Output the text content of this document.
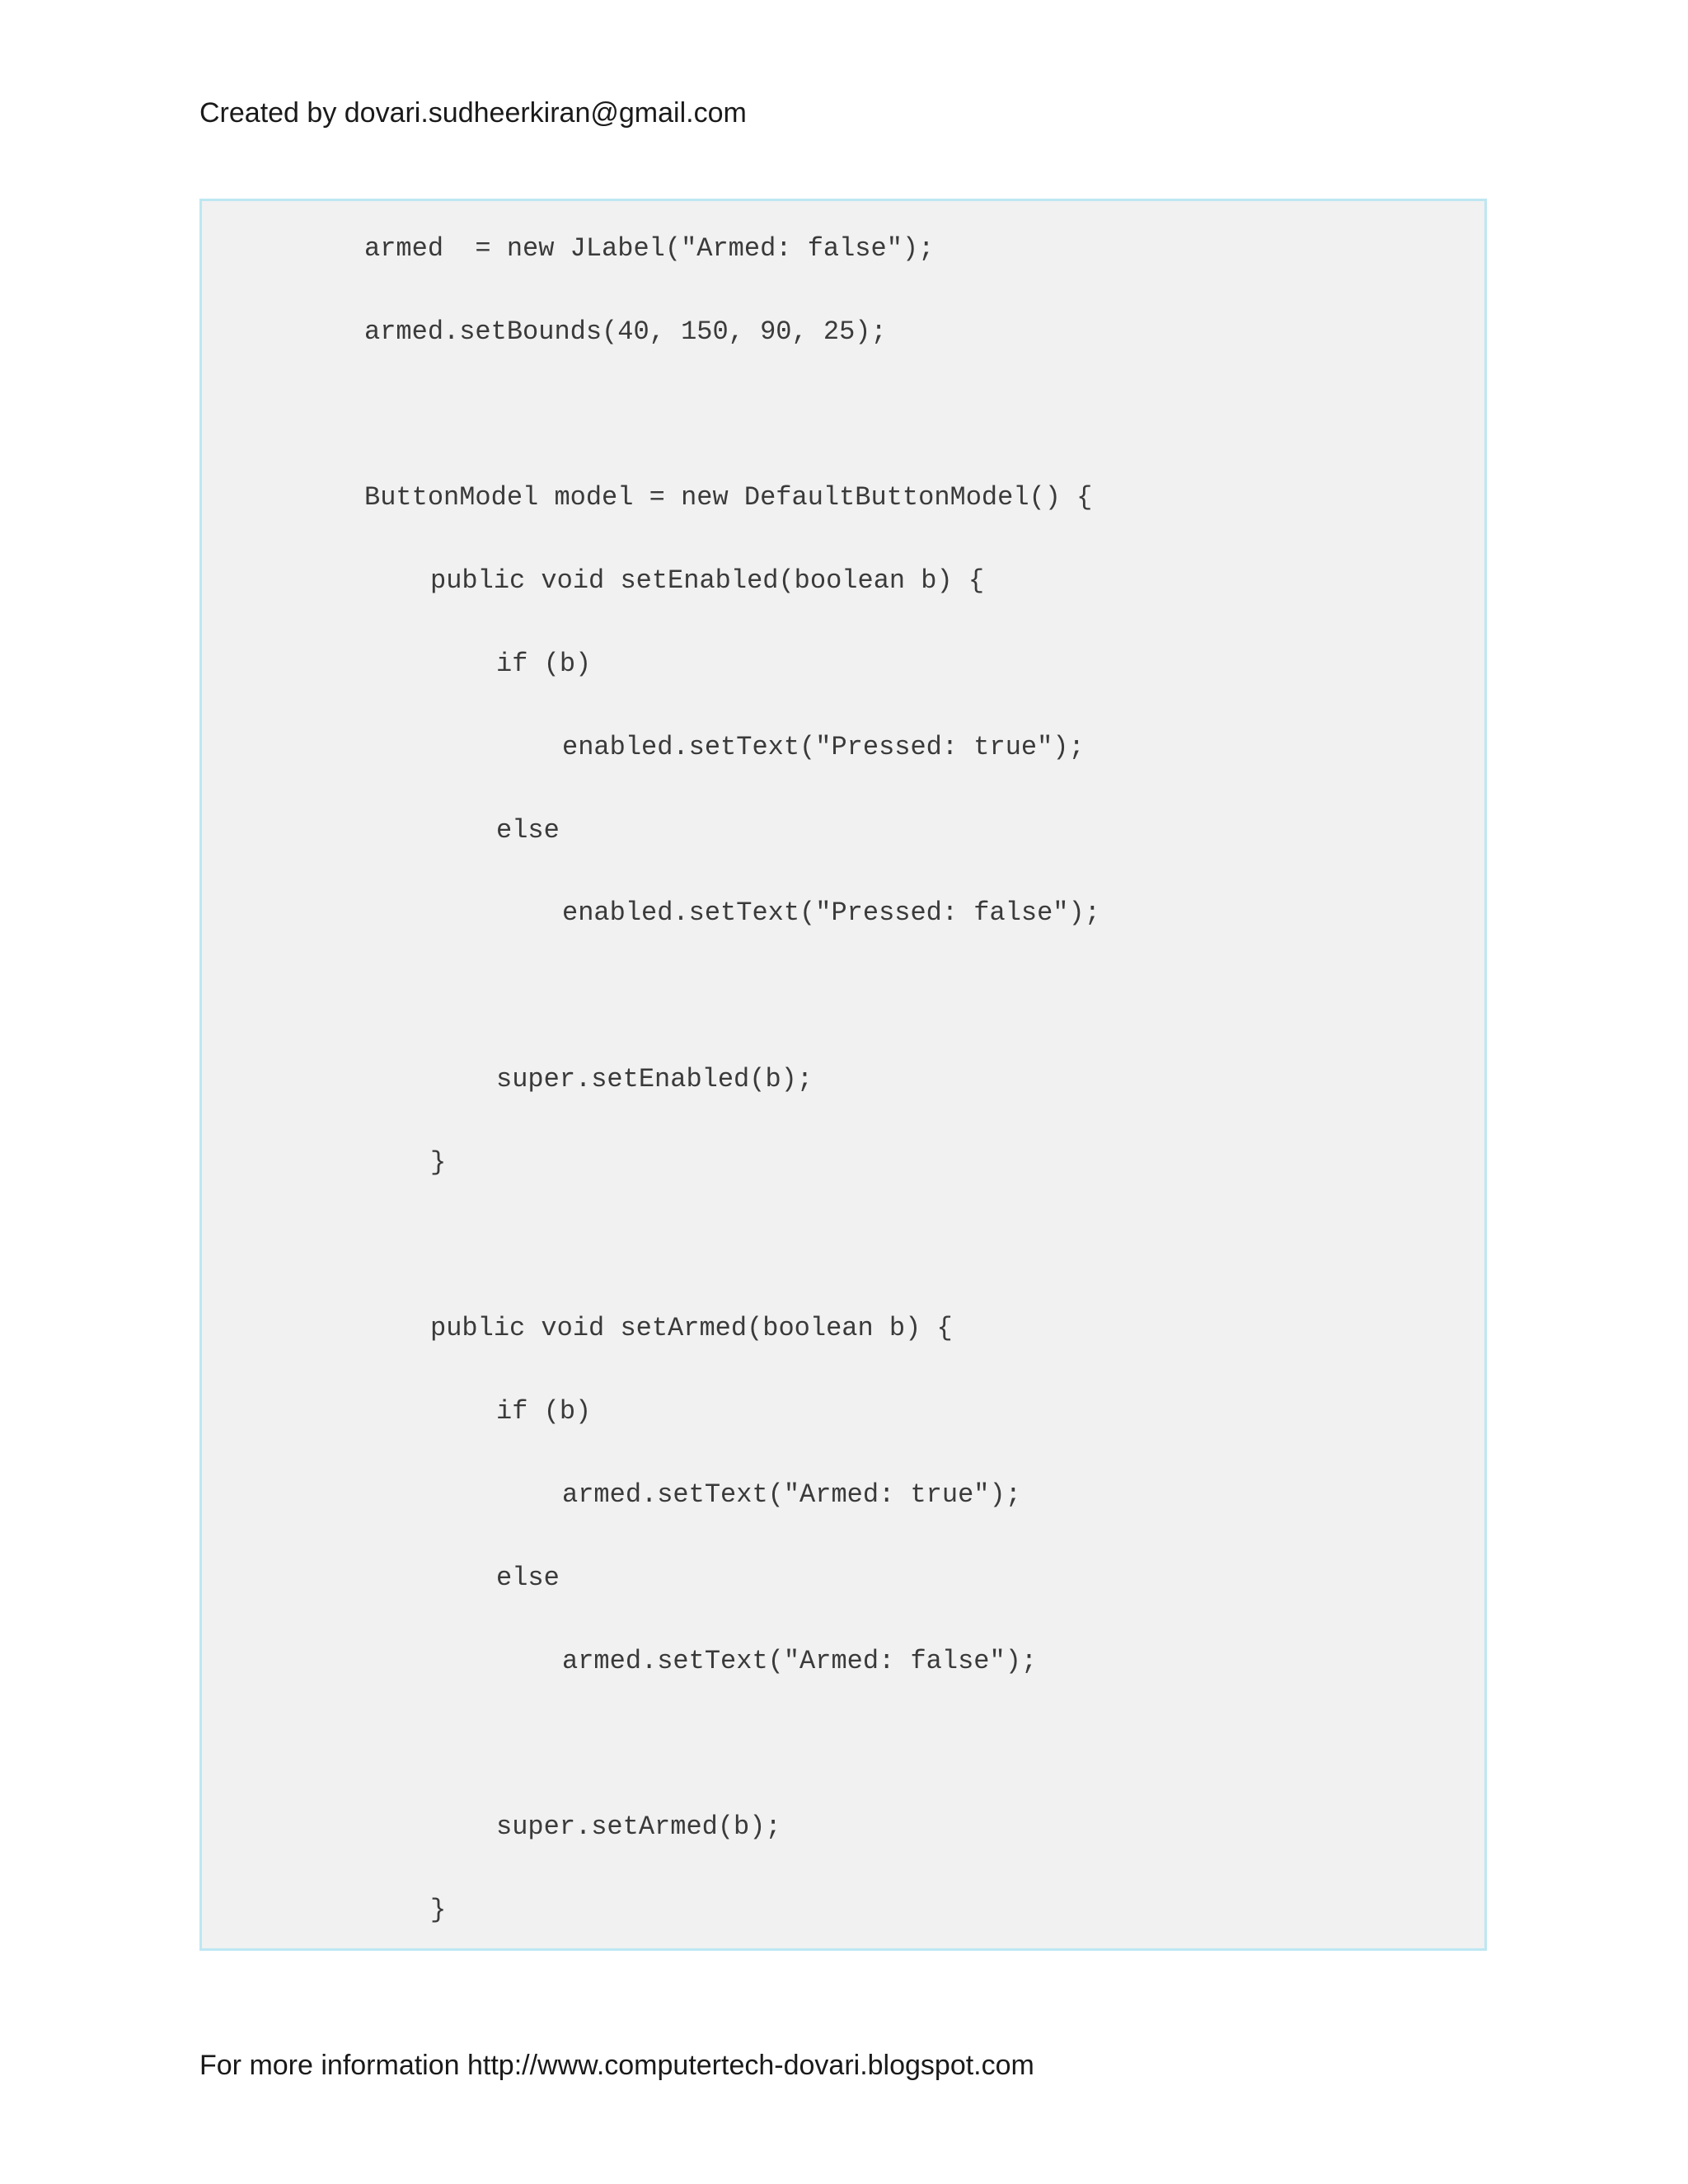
Created by dovari.sudheerkiran@gmail.com
armed  = new JLabel("Armed: false");
armed.setBounds(40, 150, 90, 25);
ButtonModel model = new DefaultButtonModel() {
public void setEnabled(boolean b) {
if (b)
enabled.setText("Pressed: true");
else
enabled.setText("Pressed: false");
super.setEnabled(b);
}
public void setArmed(boolean b) {
if (b)
armed.setText("Armed: true");
else
armed.setText("Armed: false");
super.setArmed(b);
}
For more information http://www.computertech-dovari.blogspot.com
